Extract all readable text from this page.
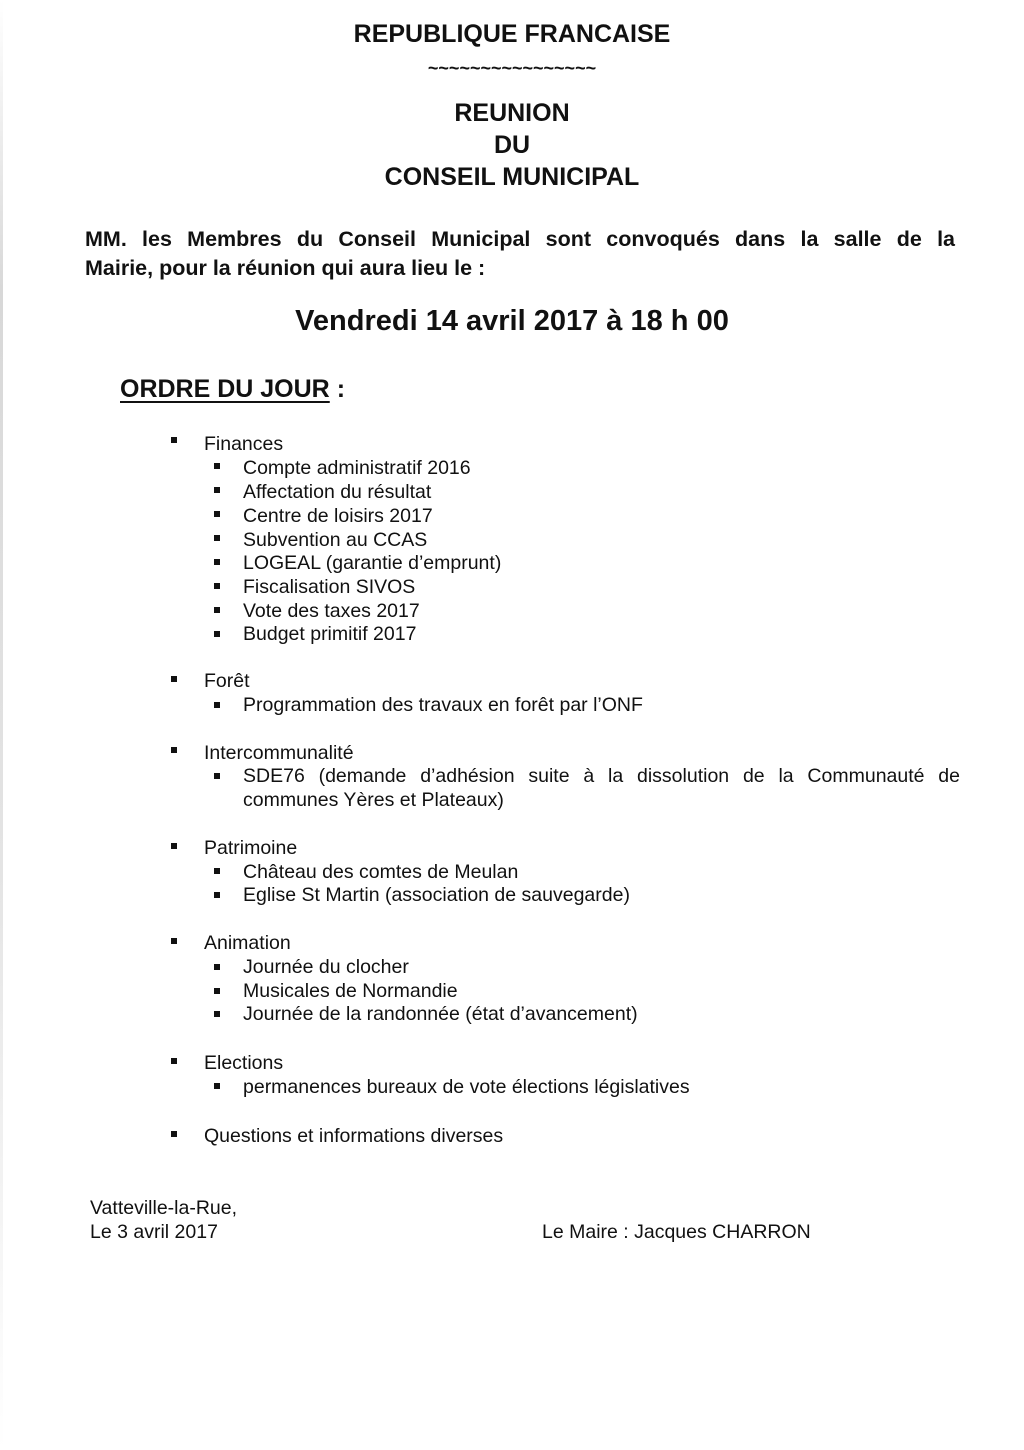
REPUBLIQUE FRANCAISE
~~~~~~~~~~~~~~~~
REUNION
DU
CONSEIL MUNICIPAL
MM. les Membres du Conseil Municipal sont convoqués dans la salle de la
Mairie, pour la réunion qui aura lieu le :
Vendredi 14 avril 2017 à 18 h 00
ORDRE DU JOUR :
Finances
Compte administratif 2016
Affectation du résultat
Centre de loisirs 2017
Subvention au CCAS
LOGEAL (garantie d’emprunt)
Fiscalisation SIVOS
Vote des taxes 2017
Budget primitif 2017
Forêt
Programmation des travaux en forêt par l’ONF
Intercommunalité
SDE76 (demande d’adhésion suite à la dissolution de la Communauté de communes Yères et Plateaux)
Patrimoine
Château des comtes de Meulan
Eglise St Martin (association de sauvegarde)
Animation
Journée du clocher
Musicales de Normandie
Journée de la randonnée (état d’avancement)
Elections
permanences bureaux de vote élections législatives
Questions et informations diverses
Vatteville-la-Rue,
Le 3 avril 2017	Le Maire : Jacques CHARRON
